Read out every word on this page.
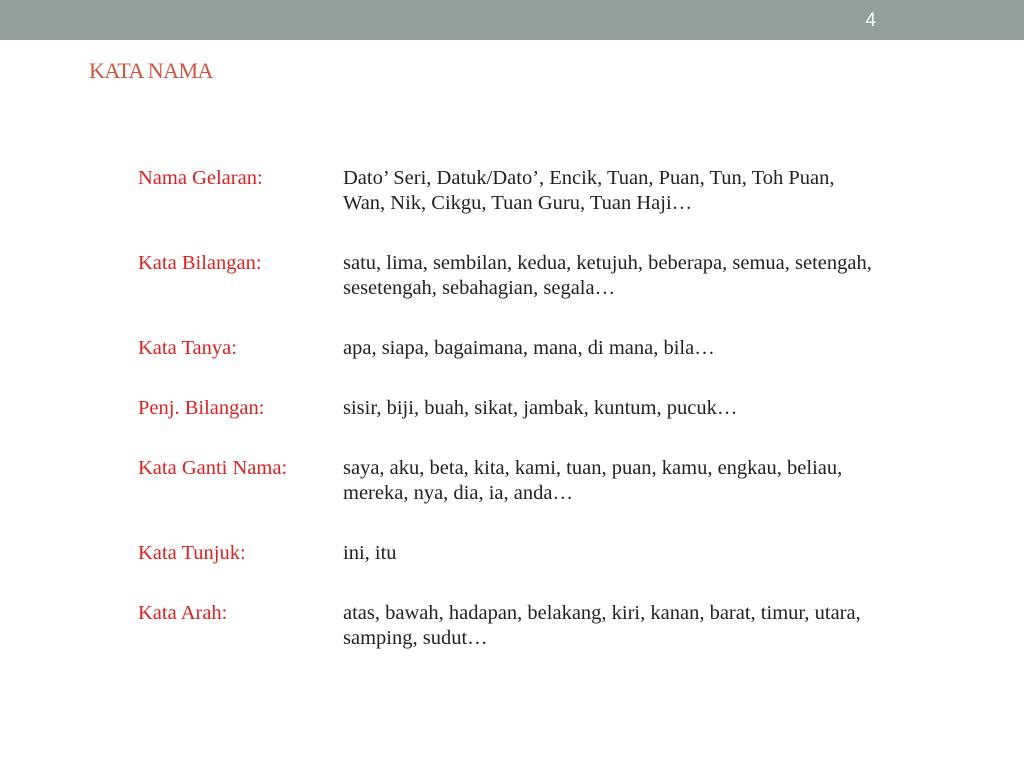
4
KATA NAMA
Nama Gelaran:	Dato’ Seri, Datuk/Dato’, Encik, Tuan, Puan, Tun, Toh Puan, Wan, Nik, Cikgu, Tuan Guru, Tuan Haji…
Kata Bilangan:	satu, lima, sembilan, kedua, ketujuh, beberapa, semua, setengah, sesetengah, sebahagian, segala…
Kata Tanya:	apa, siapa, bagaimana, mana, di mana, bila…
Penj. Bilangan:	sisir, biji, buah, sikat, jambak, kuntum, pucuk…
Kata Ganti Nama:	saya, aku, beta, kita, kami, tuan, puan, kamu, engkau, beliau, mereka, nya, dia, ia, anda…
Kata Tunjuk:	ini, itu
Kata Arah:	atas, bawah, hadapan, belakang, kiri, kanan, barat, timur, utara, samping, sudut…
